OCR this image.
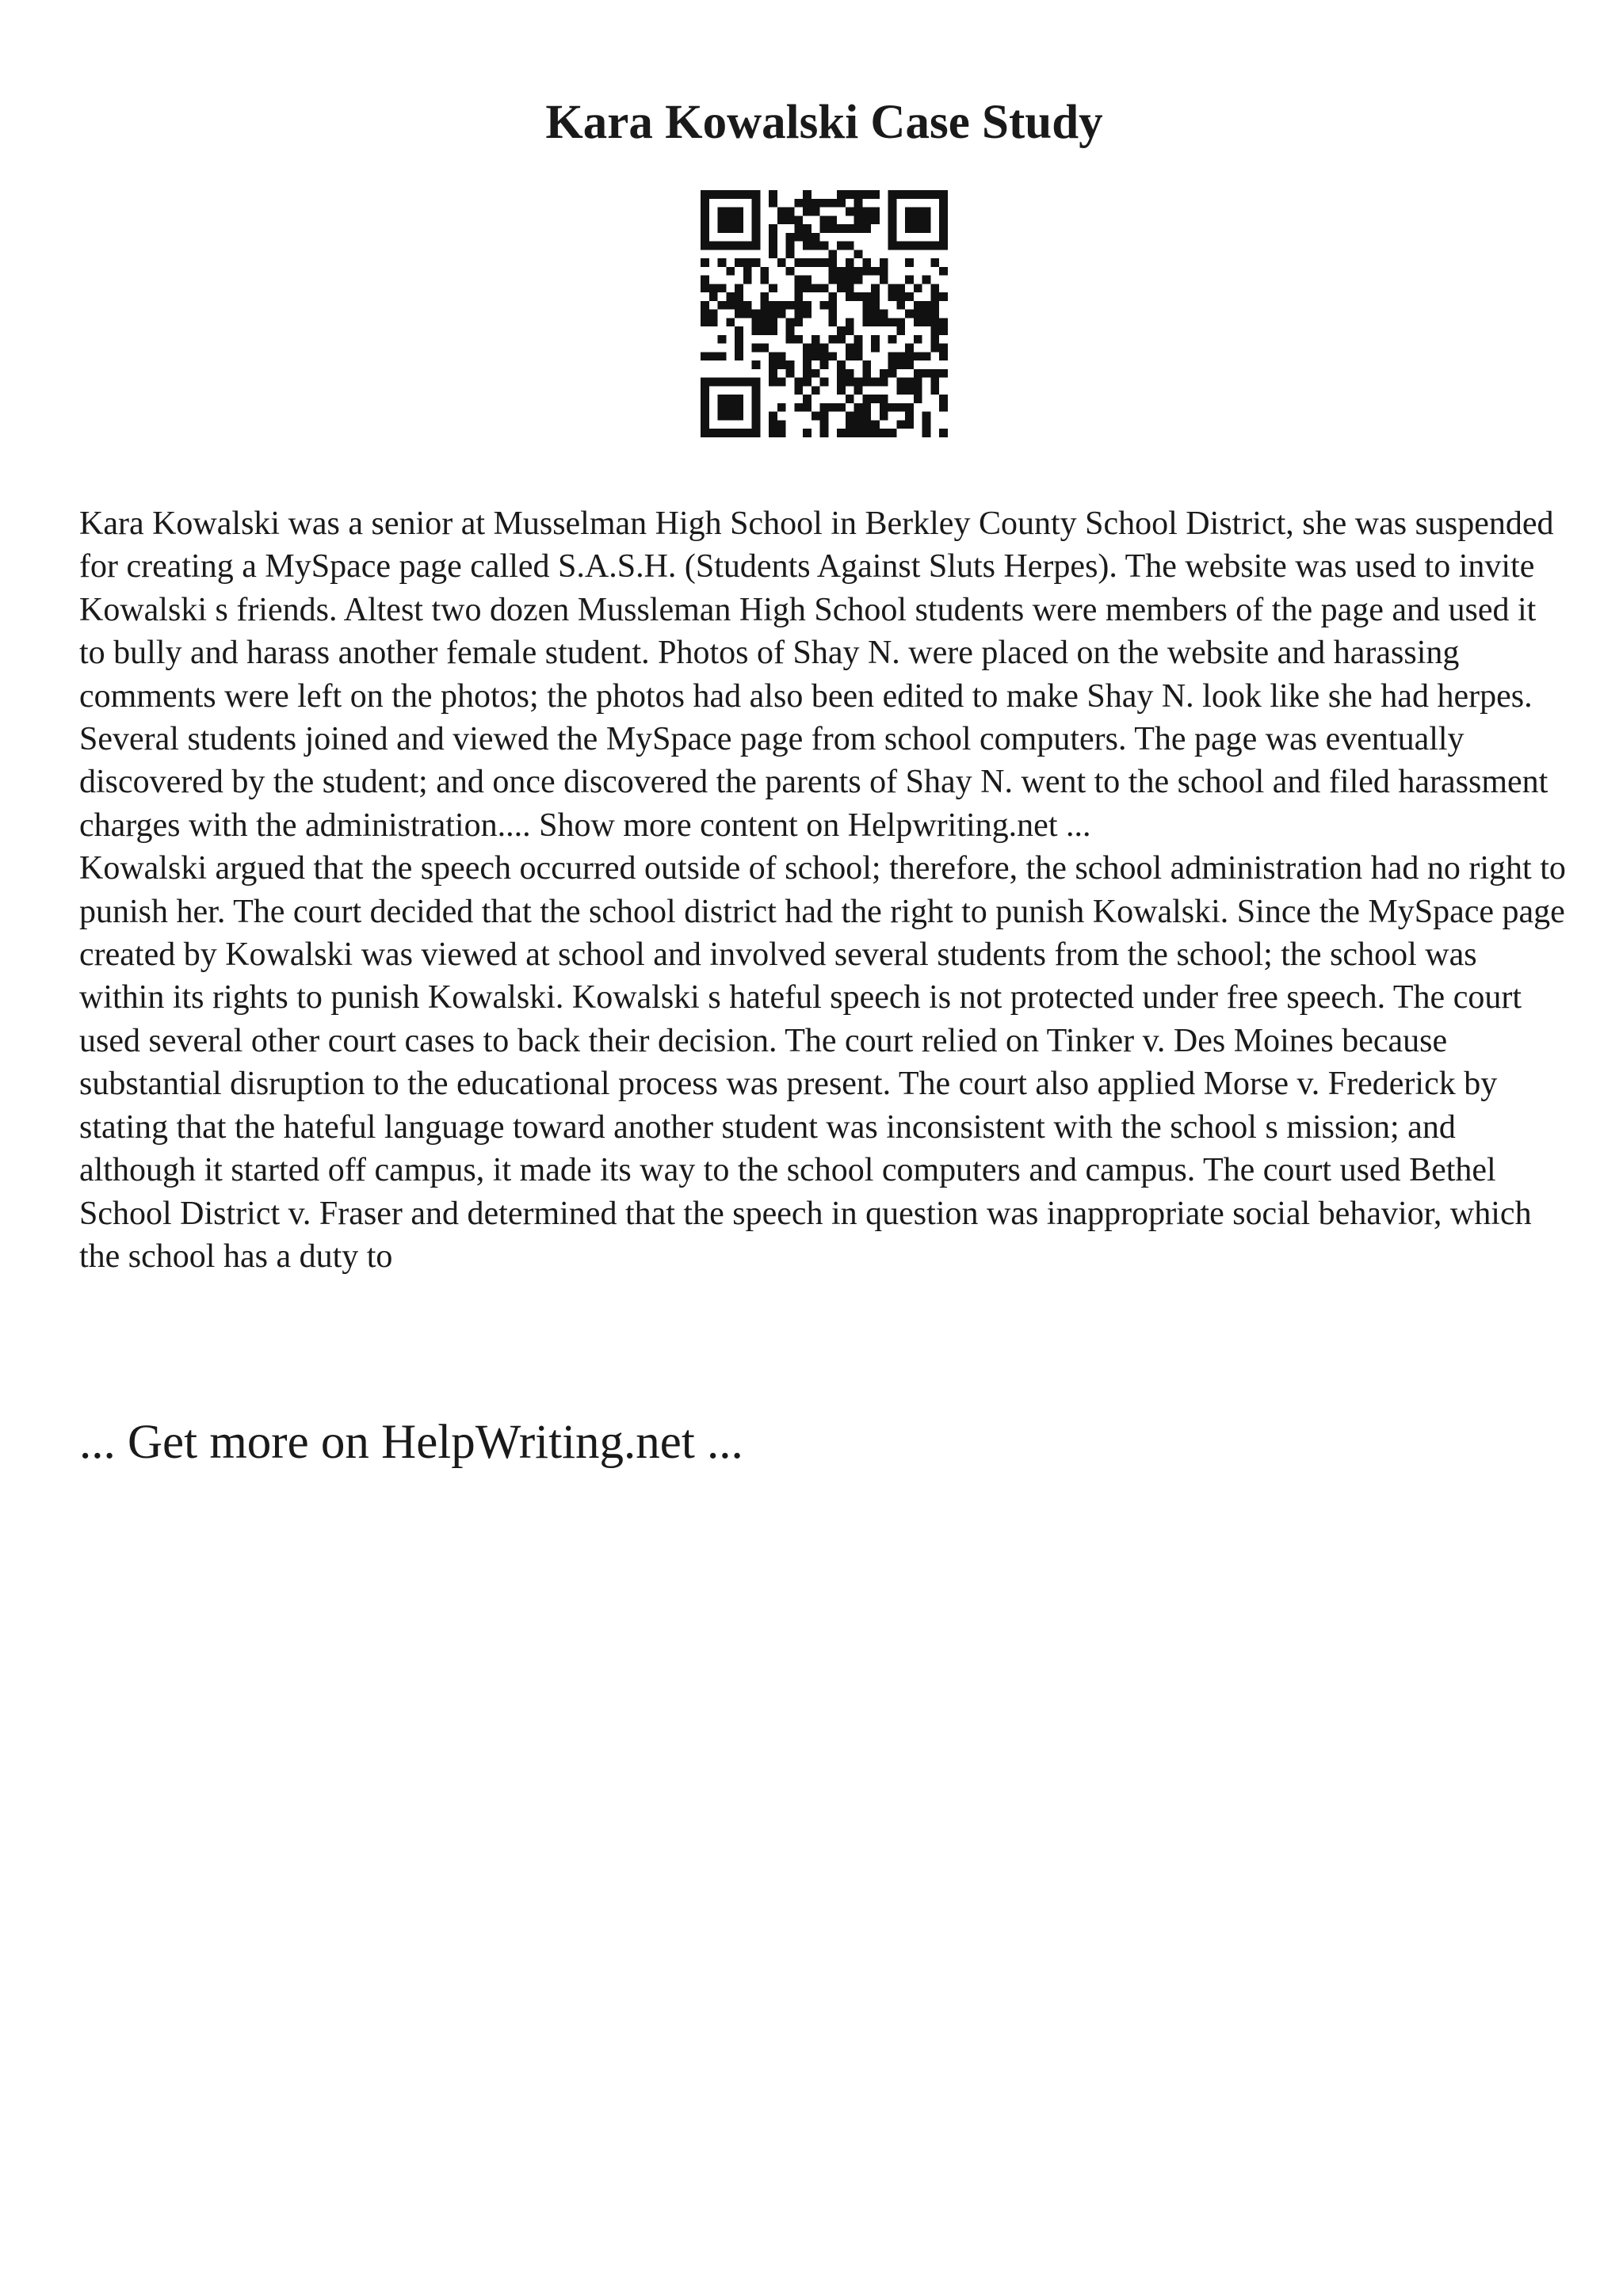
Kara Kowalski Case Study

Kara Kowalski was a senior at Musselman High School in Berkley County School District, she was suspended for creating a MySpace page called S.A.S.H. (Students Against Sluts Herpes). The website was used to invite Kowalski s friends. Altest two dozen Mussleman High School students were members of the page and used it to bully and harass another female student. Photos of Shay N. were placed on the website and harassing comments were left on the photos; the photos had also been edited to make Shay N. look like she had herpes. Several students joined and viewed the MySpace page from school computers. The page was eventually discovered by the student; and once discovered the parents of Shay N. went to the school and filed harassment charges with the administration.... Show more content on Helpwriting.net ...

Kowalski argued that the speech occurred outside of school; therefore, the school administration had no right to punish her. The court decided that the school district had the right to punish Kowalski. Since the MySpace page created by Kowalski was viewed at school and involved several students from the school; the school was within its rights to punish Kowalski. Kowalski s hateful speech is not protected under free speech. The court used several other court cases to back their decision. The court relied on Tinker v. Des Moines because substantial disruption to the educational process was present. The court also applied Morse v. Frederick by stating that the hateful language toward another student was inconsistent with the school s mission; and although it started off campus, it made its way to the school computers and campus. The court used Bethel School District v. Fraser and determined that the speech in question was inappropriate social behavior, which the school has a duty to

... Get more on HelpWriting.net ...
